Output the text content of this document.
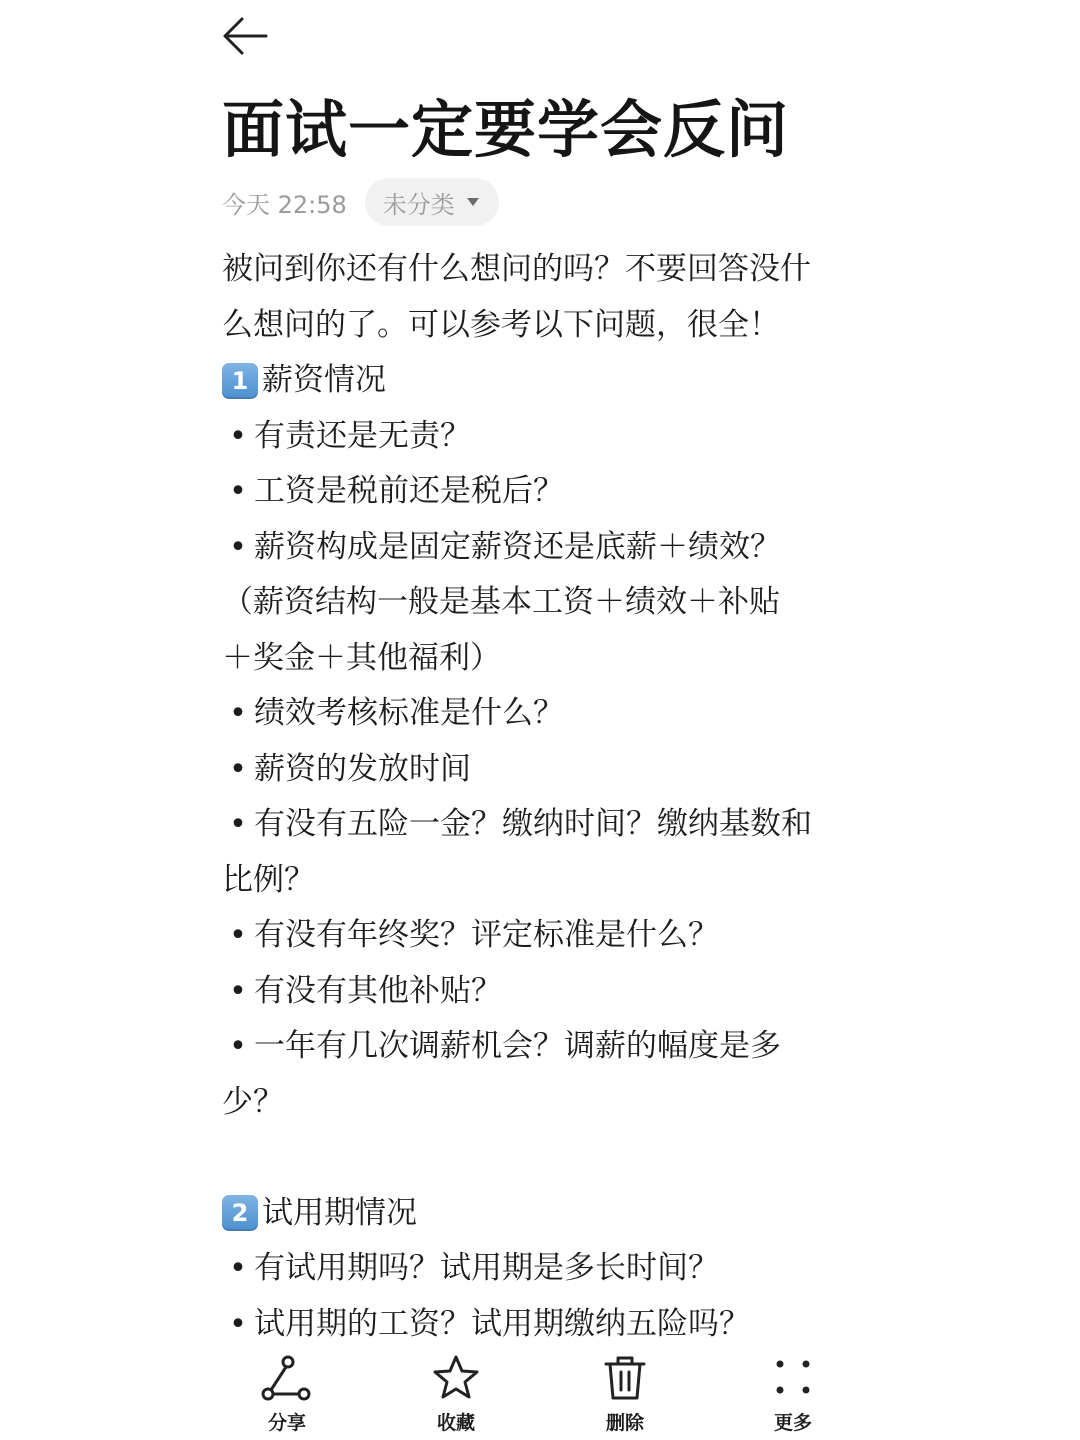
面试一定要学会反问
今天 22:58 未分类
被问到你还有什么想问的吗？不要回答没什
么想问的了。可以参考以下问题，很全！
1 薪资情况
• 有责还是无责？
• 工资是税前还是税后？
• 薪资构成是固定薪资还是底薪＋绩效？
（薪资结构一般是基本工资＋绩效＋补贴
＋奖金＋其他福利）
• 绩效考核标准是什么？
• 薪资的发放时间
• 有没有五险一金？缴纳时间？缴纳基数和
比例？
• 有没有年终奖？评定标准是什么？
• 有没有其他补贴？
• 一年有几次调薪机会？调薪的幅度是多
少？
2 试用期情况
• 有试用期吗？试用期是多长时间？
• 试用期的工资？试用期缴纳五险吗？
分享	收藏	删除	更多
